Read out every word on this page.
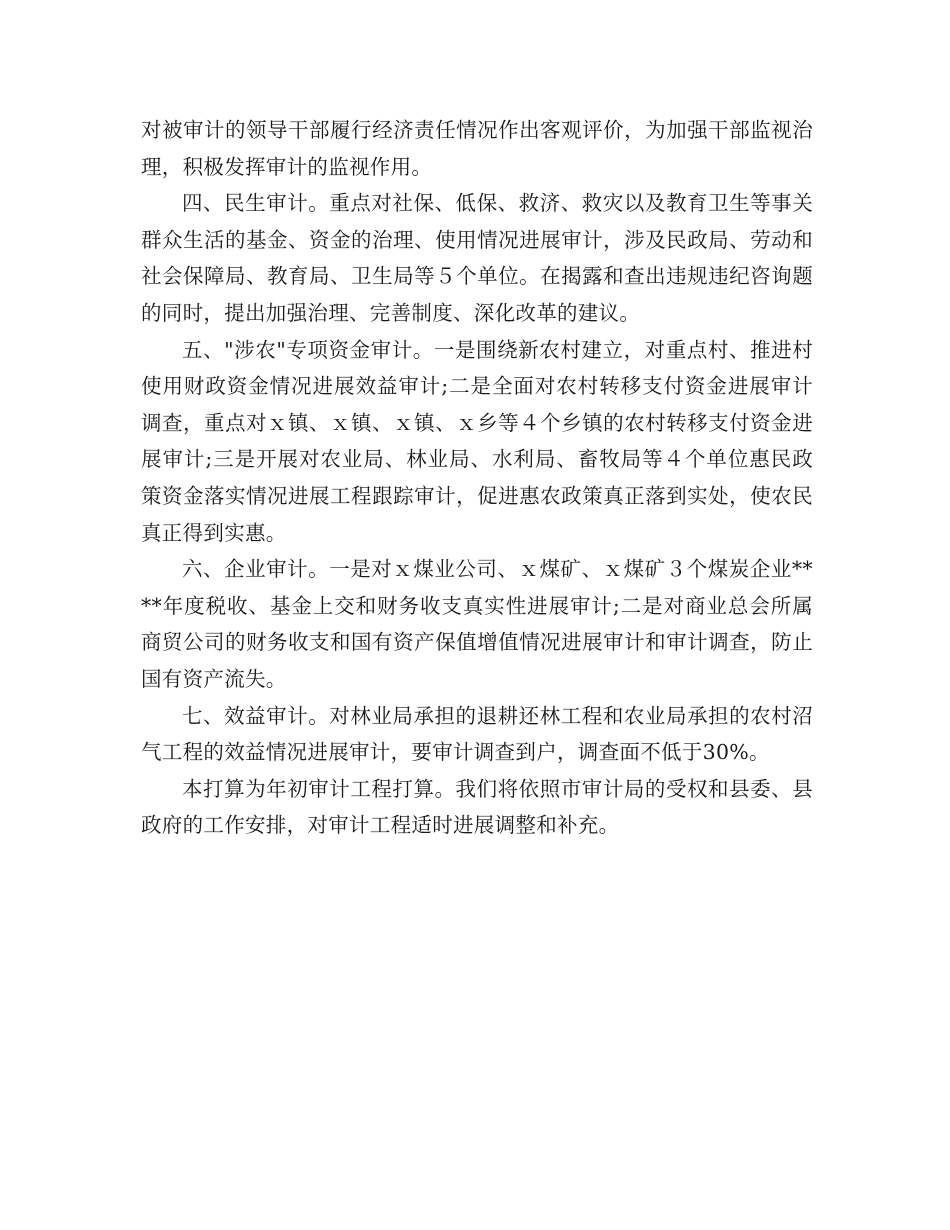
对被审计的领导干部履行经济责任情况作出客观评价，为加强干部监视治理，积极发挥审计的监视作用。

四、民生审计。重点对社保、低保、救济、救灾以及教育卫生等事关群众生活的基金、资金的治理、使用情况进展审计，涉及民政局、劳动和社会保障局、教育局、卫生局等５个单位。在揭露和查出违规违纪咨询题的同时，提出加强治理、完善制度、深化改革的建议。

五、"涉农"专项资金审计。一是围绕新农村建立，对重点村、推进村使用财政资金情况进展效益审计;二是全面对农村转移支付资金进展审计调查，重点对ｘ镇、ｘ镇、ｘ镇、ｘ乡等４个乡镇的农村转移支付资金进展审计;三是开展对农业局、林业局、水利局、畜牧局等４个单位惠民政策资金落实情况进展工程跟踪审计，促进惠农政策真正落到实处，使农民真正得到实惠。

六、企业审计。一是对ｘ煤业公司、ｘ煤矿、ｘ煤矿３个煤炭企业****年度税收、基金上交和财务收支真实性进展审计;二是对商业总会所属商贸公司的财务收支和国有资产保值增值情况进展审计和审计调查，防止国有资产流失。

七、效益审计。对林业局承担的退耕还林工程和农业局承担的农村沼气工程的效益情况进展审计，要审计调查到户，调查面不低于30%。

本打算为年初审计工程打算。我们将依照市审计局的受权和县委、县政府的工作安排，对审计工程适时进展调整和补充。
